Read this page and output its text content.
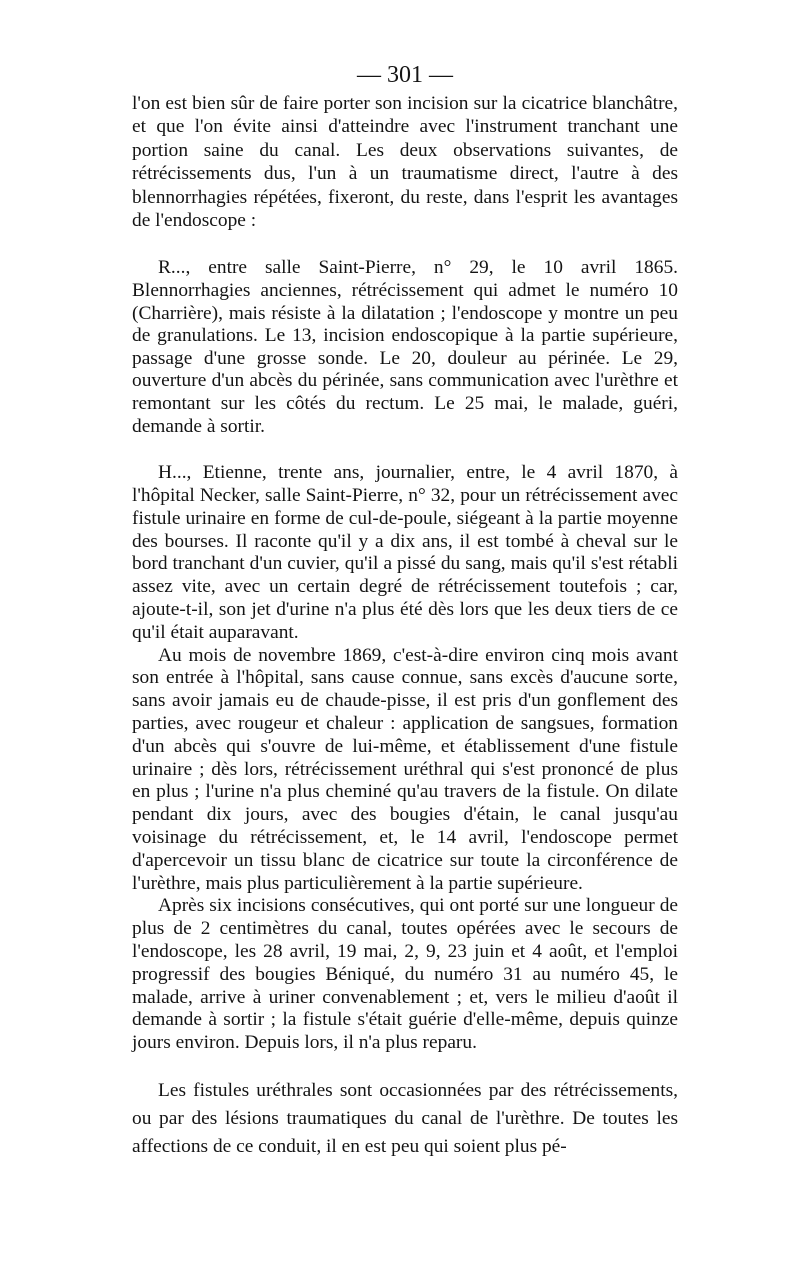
— 301 —

l'on est bien sûr de faire porter son incision sur la cicatrice blanchâtre, et que l'on évite ainsi d'atteindre avec l'instrument tranchant une portion saine du canal. Les deux observations suivantes, de rétrécissements dus, l'un à un traumatisme direct, l'autre à des blennorrhagies répétées, fixeront, du reste, dans l'esprit les avantages de l'endoscope :

R..., entre salle Saint-Pierre, n° 29, le 10 avril 1865. Blennorrhagies anciennes, rétrécissement qui admet le numéro 10 (Charrière), mais résiste à la dilatation ; l'endoscope y montre un peu de granulations. Le 13, incision endoscopique à la partie supérieure, passage d'une grosse sonde. Le 20, douleur au périnée. Le 29, ouverture d'un abcès du périnée, sans communication avec l'urèthre et remontant sur les côtés du rectum. Le 25 mai, le malade, guéri, demande à sortir.

H..., Etienne, trente ans, journalier, entre, le 4 avril 1870, à l'hôpital Necker, salle Saint-Pierre, n° 32, pour un rétrécissement avec fistule urinaire en forme de cul-de-poule, siégeant à la partie moyenne des bourses. Il raconte qu'il y a dix ans, il est tombé à cheval sur le bord tranchant d'un cuvier, qu'il a pissé du sang, mais qu'il s'est rétabli assez vite, avec un certain degré de rétrécissement toutefois ; car, ajoute-t-il, son jet d'urine n'a plus été dès lors que les deux tiers de ce qu'il était auparavant.

Au mois de novembre 1869, c'est-à-dire environ cinq mois avant son entrée à l'hôpital, sans cause connue, sans excès d'aucune sorte, sans avoir jamais eu de chaude-pisse, il est pris d'un gonflement des parties, avec rougeur et chaleur : application de sangsues, formation d'un abcès qui s'ouvre de lui-même, et établissement d'une fistule urinaire ; dès lors, rétrécissement uréthral qui s'est prononcé de plus en plus ; l'urine n'a plus cheminé qu'au travers de la fistule. On dilate pendant dix jours, avec des bougies d'étain, le canal jusqu'au voisinage du rétrécissement, et, le 14 avril, l'endoscope permet d'apercevoir un tissu blanc de cicatrice sur toute la circonférence de l'urèthre, mais plus particulièrement à la partie supérieure.

Après six incisions consécutives, qui ont porté sur une longueur de plus de 2 centimètres du canal, toutes opérées avec le secours de l'endoscope, les 28 avril, 19 mai, 2, 9, 23 juin et 4 août, et l'emploi progressif des bougies Béniqué, du numéro 31 au numéro 45, le malade, arrive à uriner convenablement ; et, vers le milieu d'août il demande à sortir ; la fistule s'était guérie d'elle-même, depuis quinze jours environ. Depuis lors, il n'a plus reparu.

Les fistules uréthrales sont occasionnées par des rétrécissements, ou par des lésions traumatiques du canal de l'urèthre. De toutes les affections de ce conduit, il en est peu qui soient plus pé-
